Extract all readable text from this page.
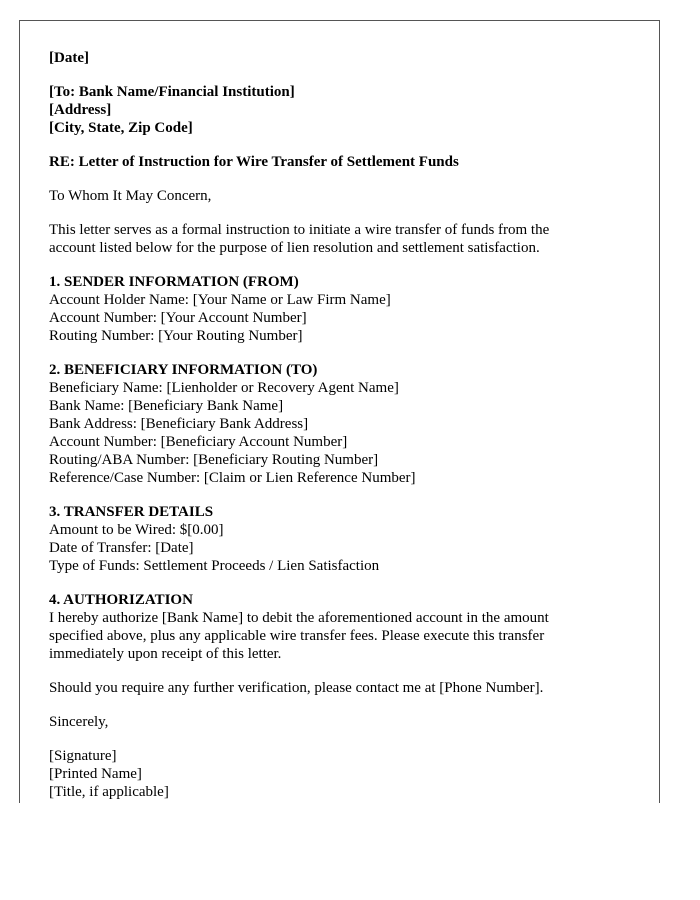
[Date]
[To: Bank Name/Financial Institution]
[Address]
[City, State, Zip Code]
RE: Letter of Instruction for Wire Transfer of Settlement Funds
To Whom It May Concern,
This letter serves as a formal instruction to initiate a wire transfer of funds from the
account listed below for the purpose of lien resolution and settlement satisfaction.
1. SENDER INFORMATION (FROM)
Account Holder Name: [Your Name or Law Firm Name]
Account Number: [Your Account Number]
Routing Number: [Your Routing Number]
2. BENEFICIARY INFORMATION (TO)
Beneficiary Name: [Lienholder or Recovery Agent Name]
Bank Name: [Beneficiary Bank Name]
Bank Address: [Beneficiary Bank Address]
Account Number: [Beneficiary Account Number]
Routing/ABA Number: [Beneficiary Routing Number]
Reference/Case Number: [Claim or Lien Reference Number]
3. TRANSFER DETAILS
Amount to be Wired: $[0.00]
Date of Transfer: [Date]
Type of Funds: Settlement Proceeds / Lien Satisfaction
4. AUTHORIZATION
I hereby authorize [Bank Name] to debit the aforementioned account in the amount
specified above, plus any applicable wire transfer fees. Please execute this transfer
immediately upon receipt of this letter.
Should you require any further verification, please contact me at [Phone Number].
Sincerely,
[Signature]
[Printed Name]
[Title, if applicable]
